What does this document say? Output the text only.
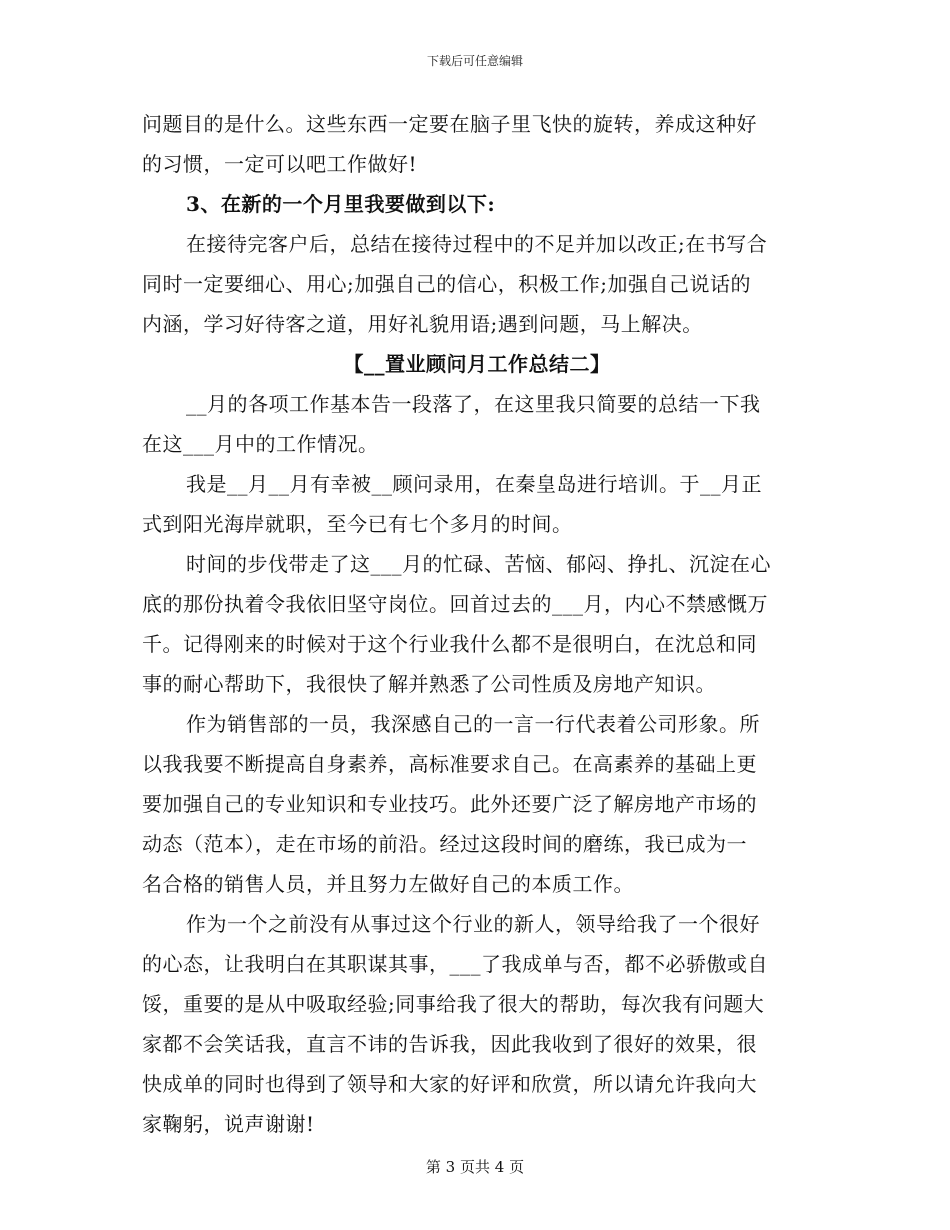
下载后可任意编辑
问题目的是什么。这些东西一定要在脑子里飞快的旋转，养成这种好
的习惯，一定可以吧工作做好!
3、在新的一个月里我要做到以下:
在接待完客户后，总结在接待过程中的不足并加以改正;在书写合
同时一定要细心、用心;加强自己的信心，积极工作;加强自己说话的
内涵，学习好待客之道，用好礼貌用语;遇到问题，马上解决。
【__置业顾问月工作总结二】
__月的各项工作基本告一段落了，在这里我只简要的总结一下我
在这___月中的工作情况。
我是__月__月有幸被__顾问录用，在秦皇岛进行培训。于__月正
式到阳光海岸就职，至今已有七个多月的时间。
时间的步伐带走了这___月的忙碌、苦恼、郁闷、挣扎、沉淀在心
底的那份执着令我依旧坚守岗位。回首过去的___月，内心不禁感慨万
千。记得刚来的时候对于这个行业我什么都不是很明白，在沈总和同
事的耐心帮助下，我很快了解并熟悉了公司性质及房地产知识。
作为销售部的一员，我深感自己的一言一行代表着公司形象。所
以我我要不断提高自身素养，高标准要求自己。在高素养的基础上更
要加强自己的专业知识和专业技巧。此外还要广泛了解房地产市场的
动态（范本），走在市场的前沿。经过这段时间的磨练，我已成为一
名合格的销售人员，并且努力左做好自己的本质工作。
作为一个之前没有从事过这个行业的新人，领导给我了一个很好
的心态，让我明白在其职谋其事，___了我成单与否，都不必骄傲或自
馁，重要的是从中吸取经验;同事给我了很大的帮助，每次我有问题大
家都不会笑话我，直言不讳的告诉我，因此我收到了很好的效果，很
快成单的同时也得到了领导和大家的好评和欣赏，所以请允许我向大
家鞠躬，说声谢谢!
第 3 页共 4 页
